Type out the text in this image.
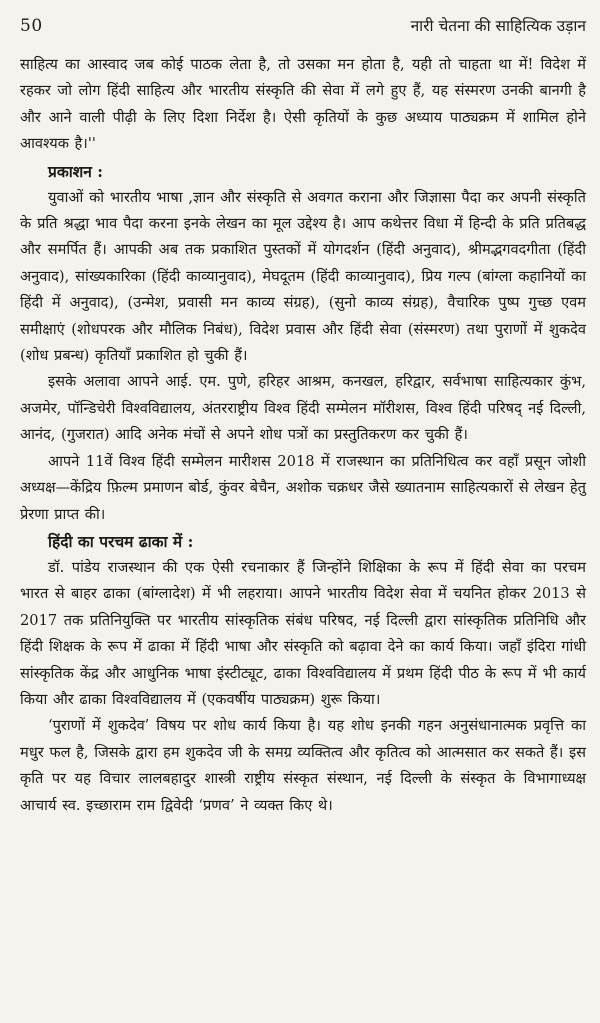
50	नारी चेतना की साहित्यिक उड़ान

साहित्य का आस्वाद जब कोई पाठक लेता है, तो उसका मन होता है, यही तो चाहता था में! विदेश में रहकर जो लोग हिंदी साहित्य और भारतीय संस्कृति की सेवा में लगे हुए हैं, यह संस्मरण उनकी बानगी है और आने वाली पीढ़ी के लिए दिशा निर्देश है। ऐसी कृतियों के कुछ अध्याय पाठ्यक्रम में शामिल होने आवश्यक है।''

प्रकाशन :

युवाओं को भारतीय भाषा ,ज्ञान और संस्कृति से अवगत कराना और जिज्ञासा पैदा कर अपनी संस्कृति के प्रति श्रद्धा भाव पैदा करना इनके लेखन का मूल उद्देश्य है। आप कथेत्तर विधा में हिन्दी के प्रति प्रतिबद्ध और समर्पित हैं। आपकी अब तक प्रकाशित पुस्तकों में योगदर्शन (हिंदी अनुवाद), श्रीमद्भगवदगीता (हिंदी अनुवाद), सांख्यकारिका (हिंदी काव्यानुवाद), मेघदूतम (हिंदी काव्यानुवाद), प्रिय गल्प (बांग्ला कहानियों का हिंदी में अनुवाद), (उन्मेश, प्रवासी मन काव्य संग्रह), (सुनो काव्य संग्रह), वैचारिक पुष्प गुच्छ एवम समीक्षाएं (शोधपरक और मौलिक निबंध), विदेश प्रवास और हिंदी सेवा (संस्मरण) तथा पुराणों में शुकदेव (शोध प्रबन्ध) कृतियाँ प्रकाशित हो चुकी हैं।

इसके अलावा आपने आई. एम. पुणे, हरिहर आश्रम, कनखल, हरिद्वार, सर्वभाषा साहित्यकार कुंभ, अजमेर, पॉन्डिचेरी विश्वविद्यालय, अंतरराष्ट्रीय विश्व हिंदी सम्मेलन मॉरीशस, विश्व हिंदी परिषद् नई दिल्ली, आनंद, (गुजरात) आदि अनेक मंचों से अपने शोध पत्रों का प्रस्तुतिकरण कर चुकी हैं।

आपने 11वें विश्व हिंदी सम्मेलन मारीशस 2018 में राजस्थान का प्रतिनिधित्व कर वहाँ प्रसून जोशी अध्यक्ष—केंद्रिय फ़िल्म प्रमाणन बोर्ड, कुंवर बेचैन, अशोक चक्रधर जैसे ख्यातनाम साहित्यकारों से लेखन हेतु प्रेरणा प्राप्त की।

हिंदी का परचम ढाका में :

डॉ. पांडेय राजस्थान की एक ऐसी रचनाकार हैं जिन्होंने शिक्षिका के रूप में हिंदी सेवा का परचम भारत से बाहर ढाका (बांग्लादेश) में भी लहराया। आपने भारतीय विदेश सेवा में चयनित होकर 2013 से 2017 तक प्रतिनियुक्ति पर भारतीय सांस्कृतिक संबंध परिषद, नई दिल्ली द्वारा सांस्कृतिक प्रतिनिधि और हिंदी शिक्षक के रूप में ढाका में हिंदी भाषा और संस्कृति को बढ़ावा देने का कार्य किया। जहाँ इंदिरा गांधी सांस्कृतिक केंद्र और आधुनिक भाषा इंस्टीट्यूट, ढाका विश्वविद्यालय में प्रथम हिंदी पीठ के रूप में भी कार्य किया और ढाका विश्वविद्यालय में (एकवर्षीय पाठ्यक्रम) शुरू किया।

‘पुराणों में शुकदेव’ विषय पर शोध कार्य किया है। यह शोध इनकी गहन अनुसंधानात्मक प्रवृत्ति का मधुर फल है, जिसके द्वारा हम शुकदेव जी के समग्र व्यक्तित्व और कृतित्व को आत्मसात कर सकते हैं। इस कृति पर यह विचार लालबहादुर शास्त्री राष्ट्रीय संस्कृत संस्थान, नई दिल्ली के संस्कृत के विभागाध्यक्ष आचार्य स्व. इच्छाराम राम द्विवेदी ‘प्रणव’ ने व्यक्त किए थे।
